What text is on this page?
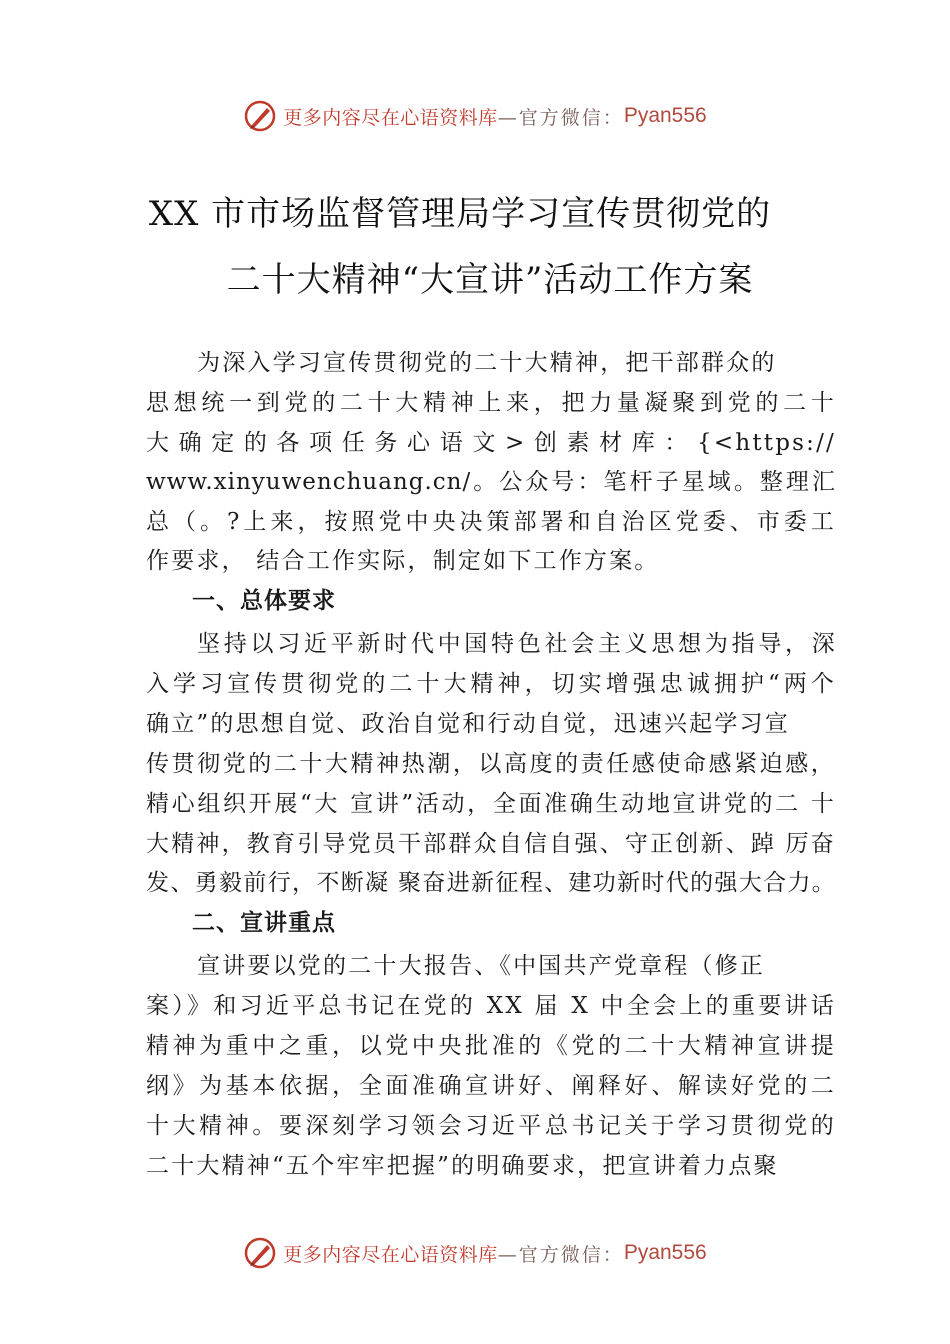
更多内容尽在心语资料库 —官方微信： Pyan556
XX 市市场监督管理局学习宣传贯彻党的
二十大精神“大宣讲”活动工作方案
为深入学习宣传贯彻党的二十大精神，把干部群众的
思想统一到党的二十大精神上来，把力量凝聚到党的二十
大确定的各项任务心语文>创素材库：{<https://
www.xinyuwenchuang.cn/。公众号：笔杆子星域。整理汇
总（。?上来，按照党中央决策部署和自治区党委、市委工
作要求， 结合工作实际，制定如下工作方案。
一、总体要求
坚持以习近平新时代中国特色社会主义思想为指导，深
入学习宣传贯彻党的二十大精神，切实增强忠诚拥护“两个
确立”的思想自觉、政治自觉和行动自觉，迅速兴起学习宣
传贯彻党的二十大精神热潮，以高度的责任感使命感紧迫感，
精心组织开展“大 宣讲”活动，全面准确生动地宣讲党的二 十
大精神，教育引导党员干部群众自信自强、守正创新、踔 厉奋
发、勇毅前行，不断凝 聚奋进新征程、建功新时代的强大合力。
二、宣讲重点
宣讲要以党的二十大报告、《中国共产党章程（修正
案）》和习近平总书记在党的 XX 届 X 中全会上的重要讲话
精神为重中之重，以党中央批准的《党的二十大精神宣讲提
纲》为基本依据，全面准确宣讲好、阐释好、解读好党的二
十大精神。要深刻学习领会习近平总书记关于学习贯彻党的
二十大精神“五个牢牢把握”的明确要求，把宣讲着力点聚
更多内容尽在心语资料库 —官方微信： Pyan556
